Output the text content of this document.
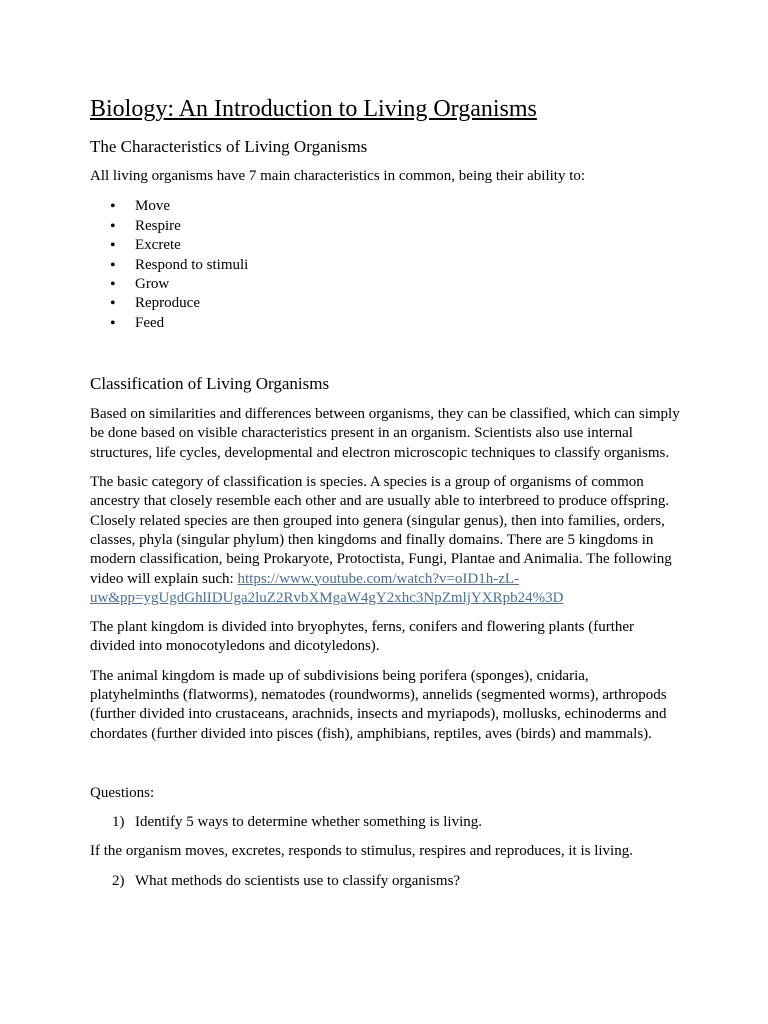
Biology: An Introduction to Living Organisms
The Characteristics of Living Organisms

All living organisms have 7 main characteristics in common, being their ability to:

• Move
• Respire
• Excrete
• Respond to stimuli
• Grow
• Reproduce
• Feed
Classification of Living Organisms

Based on similarities and differences between organisms, they can be classified, which can simply be done based on visible characteristics present in an organism. Scientists also use internal structures, life cycles, developmental and electron microscopic techniques to classify organisms.

The basic category of classification is species. A species is a group of organisms of common ancestry that closely resemble each other and are usually able to interbreed to produce offspring. Closely related species are then grouped into genera (singular genus), then into families, orders, classes, phyla (singular phylum) then kingdoms and finally domains. There are 5 kingdoms in modern classification, being Prokaryote, Protoctista, Fungi, Plantae and Animalia. The following video will explain such: https://www.youtube.com/watch?v=oID1h-zL-uw&pp=ygUgdGhlIDUga2luZ2RvbXMgaW4gY2xhc3NpZmljYXRpb24%3D

The plant kingdom is divided into bryophytes, ferns, conifers and flowering plants (further divided into monocotyledons and dicotyledons).

The animal kingdom is made up of subdivisions being porifera (sponges), cnidaria, platyhelminths (flatworms), nematodes (roundworms), annelids (segmented worms), arthropods (further divided into crustaceans, arachnids, insects and myriapods), mollusks, echinoderms and chordates (further divided into pisces (fish), amphibians, reptiles, aves (birds) and mammals).

Questions:

1) Identify 5 ways to determine whether something is living.

If the organism moves, excretes, responds to stimulus, respires and reproduces, it is living.

2) What methods do scientists use to classify organisms?
